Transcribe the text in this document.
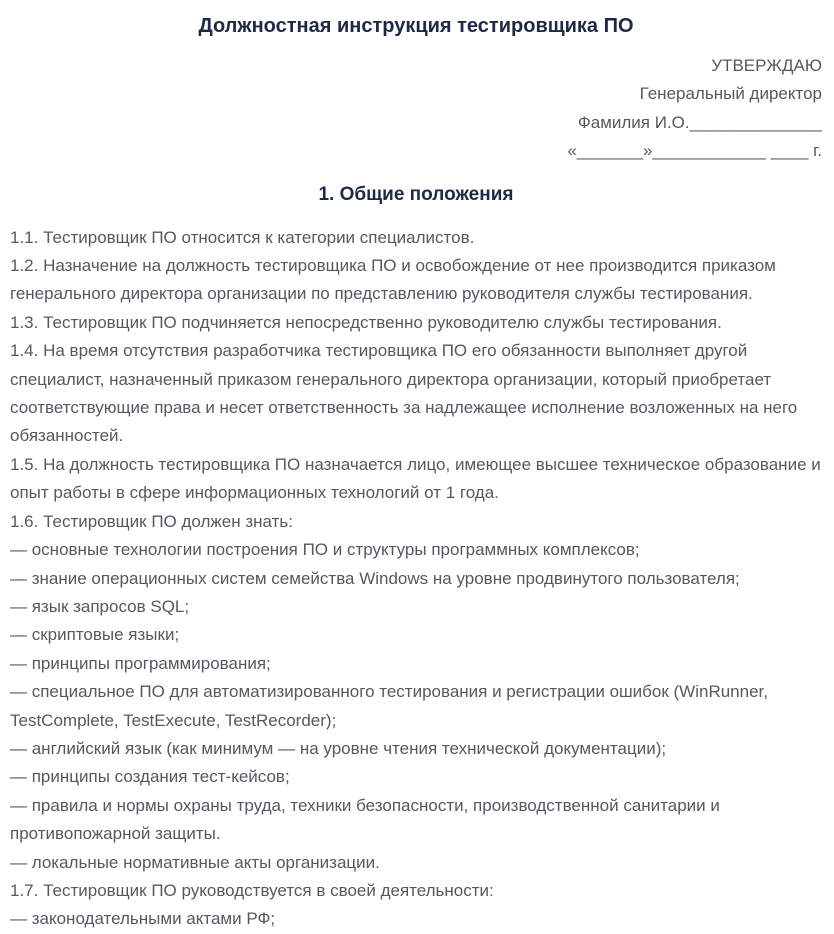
Должностная инструкция тестировщика ПО

УТВЕРЖДАЮ

Генеральный директор

Фамилия И.О.______________

«_______»____________ ____ г.

1. Общие положения

1.1. Тестировщик ПО относится к категории специалистов.

1.2. Назначение на должность тестировщика ПО и освобождение от нее производится приказом генерального директора организации по представлению руководителя службы тестирования.

1.3. Тестировщик ПО подчиняется непосредственно руководителю службы тестирования.

1.4. На время отсутствия разработчика тестировщика ПО его обязанности выполняет другой специалист, назначенный приказом генерального директора организации, который приобретает соответствующие права и несет ответственность за надлежащее исполнение возложенных на него обязанностей.

1.5. На должность тестировщика ПО назначается лицо, имеющее высшее техническое образование и опыт работы в сфере информационных технологий от 1 года.

1.6. Тестировщик ПО должен знать:

— основные технологии построения ПО и структуры программных комплексов;

— знание операционных систем семейства Windows на уровне продвинутого пользователя;

— язык запросов SQL;

— скриптовые языки;

— принципы программирования;

— специальное ПО для автоматизированного тестирования и регистрации ошибок (WinRunner, TestComplete, TestExecute, TestRecorder);

— английский язык (как минимум — на уровне чтения технической документации);

— принципы создания тест-кейсов;

— правила и нормы охраны труда, техники безопасности, производственной санитарии и противопожарной защиты.

— локальные нормативные акты организации.

1.7. Тестировщик ПО руководствуется в своей деятельности:

— законодательными актами РФ;
